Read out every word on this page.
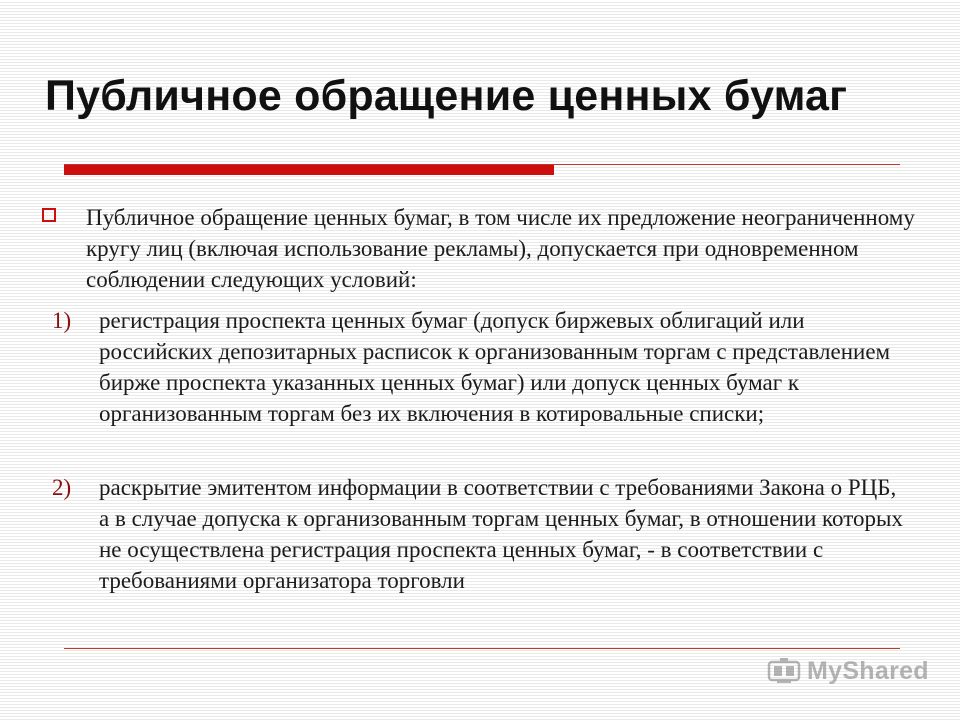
Публичное обращение ценных бумаг

Публичное обращение ценных бумаг, в том числе их предложение неограниченному кругу лиц (включая использование рекламы), допускается при одновременном соблюдении следующих условий:

1)	регистрация проспекта ценных бумаг (допуск биржевых облигаций или российских депозитарных расписок к организованным торгам с представлением бирже проспекта указанных ценных бумаг) или допуск ценных бумаг к организованным торгам без их включения в котировальные списки;

2)	раскрытие эмитентом информации в соответствии с требованиями Закона о РЦБ, а в случае допуска к организованным торгам ценных бумаг, в отношении которых не осуществлена регистрация проспекта ценных бумаг, - в соответствии с требованиями организатора торговли

MyShared
